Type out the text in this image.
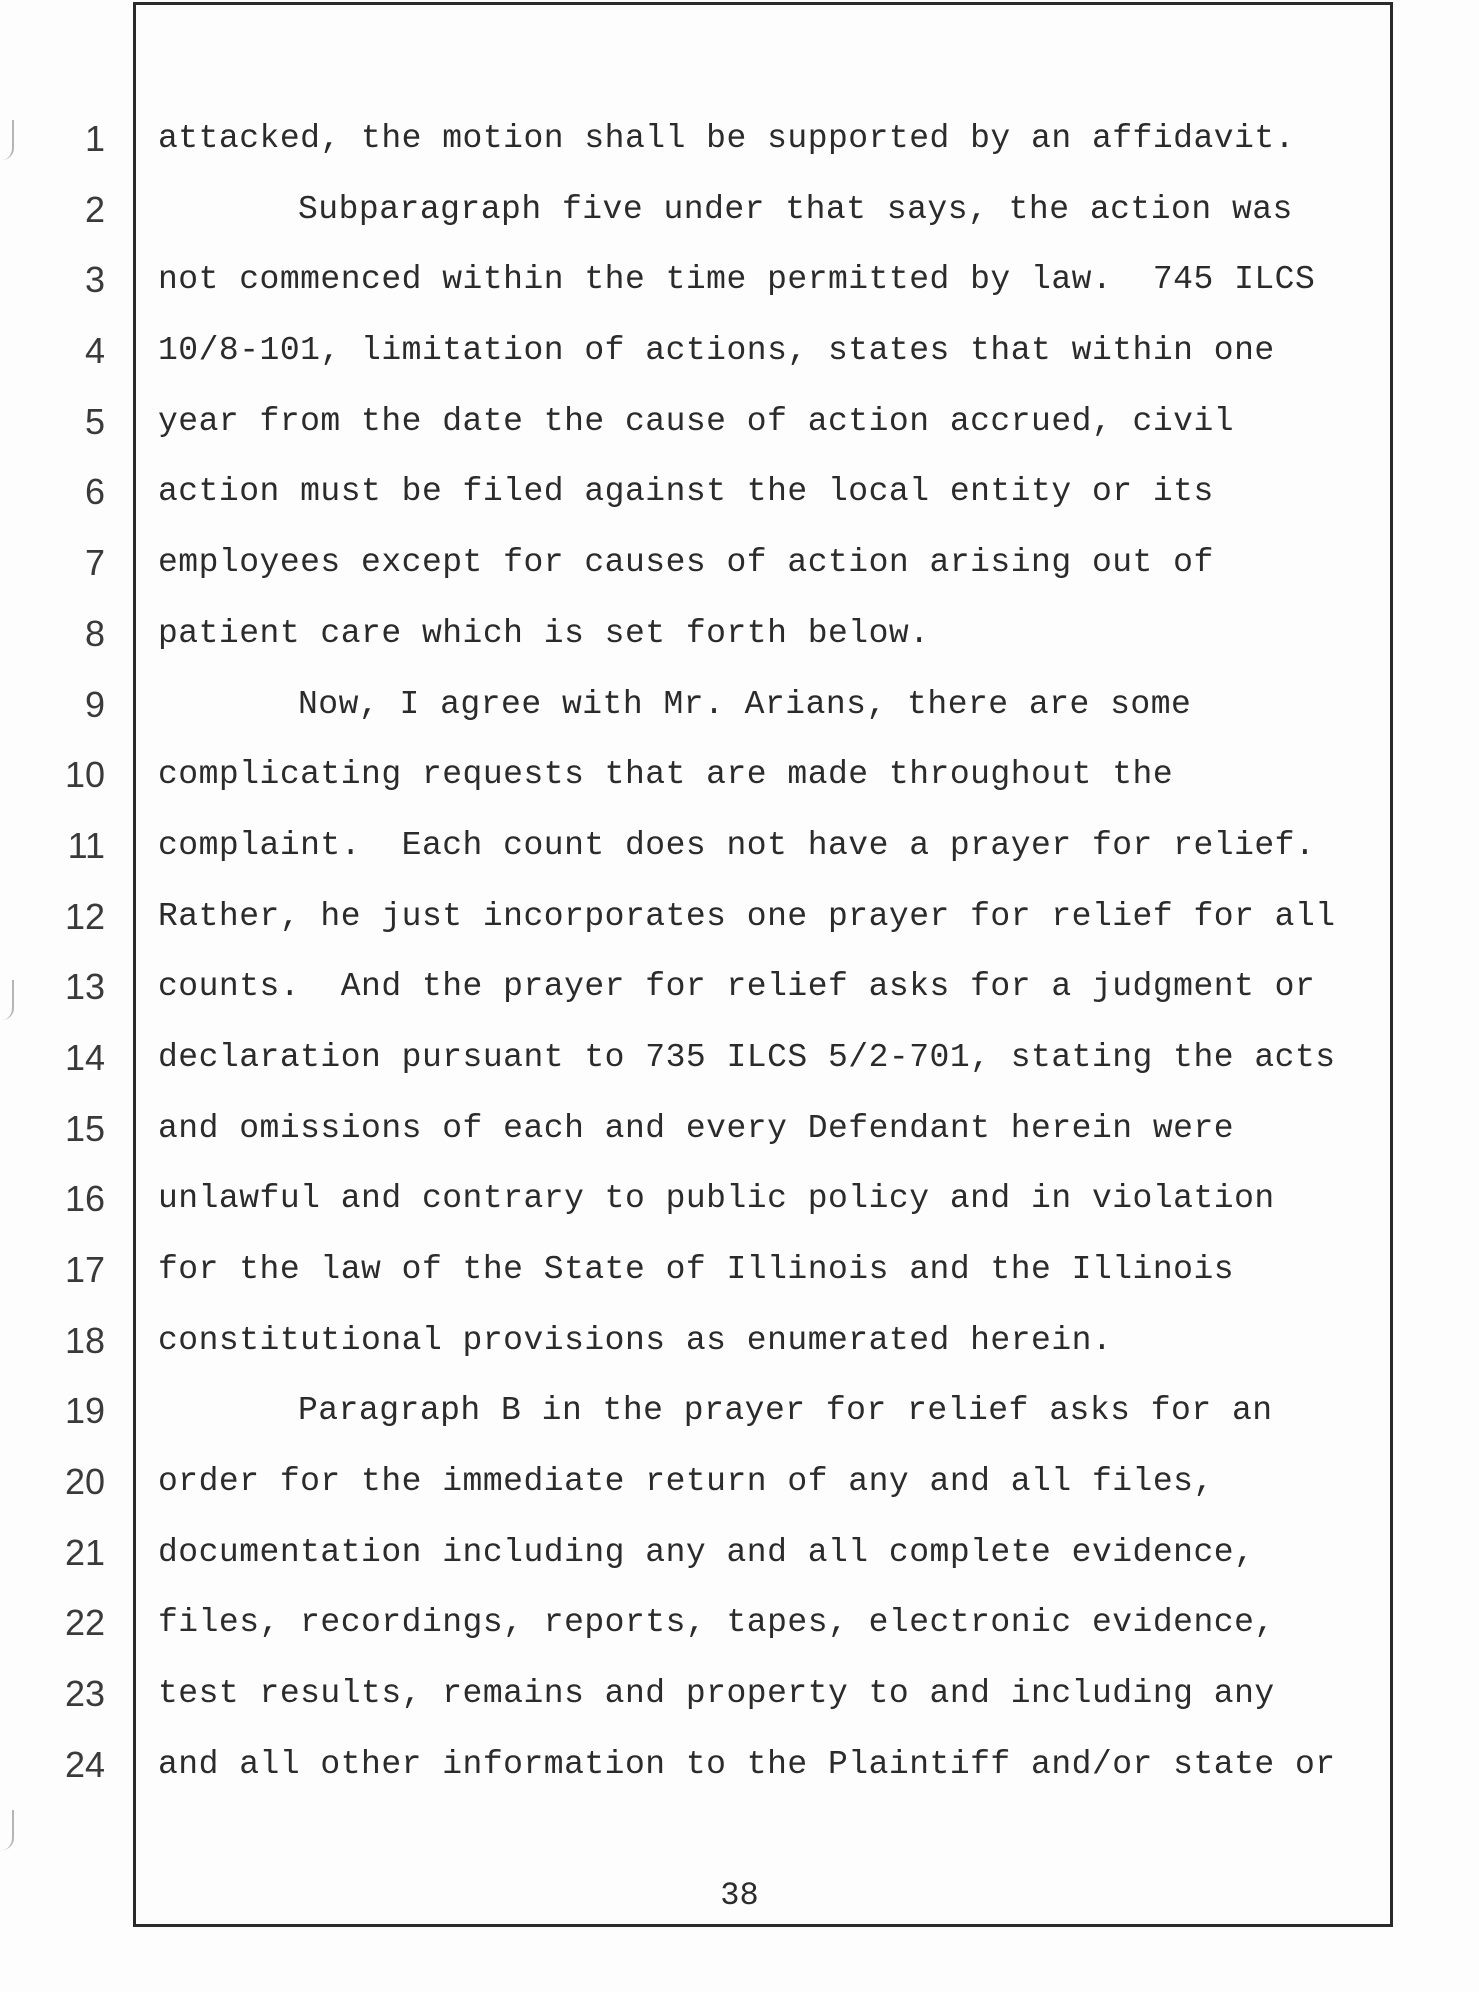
1
2
3
4
5
6
7
8
9
10
11
12
13
14
15
16
17
18
19
20
21
22
23
24
attacked, the motion shall be supported by an affidavit.
Subparagraph five under that says, the action was
not commenced within the time permitted by law.  745 ILCS
10/8-101, limitation of actions, states that within one
year from the date the cause of action accrued, civil
action must be filed against the local entity or its
employees except for causes of action arising out of
patient care which is set forth below.
Now, I agree with Mr. Arians, there are some
complicating requests that are made throughout the
complaint.  Each count does not have a prayer for relief.
Rather, he just incorporates one prayer for relief for all
counts.  And the prayer for relief asks for a judgment or
declaration pursuant to 735 ILCS 5/2-701, stating the acts
and omissions of each and every Defendant herein were
unlawful and contrary to public policy and in violation
for the law of the State of Illinois and the Illinois
constitutional provisions as enumerated herein.
Paragraph B in the prayer for relief asks for an
order for the immediate return of any and all files,
documentation including any and all complete evidence,
files, recordings, reports, tapes, electronic evidence,
test results, remains and property to and including any
and all other information to the Plaintiff and/or state or
38
